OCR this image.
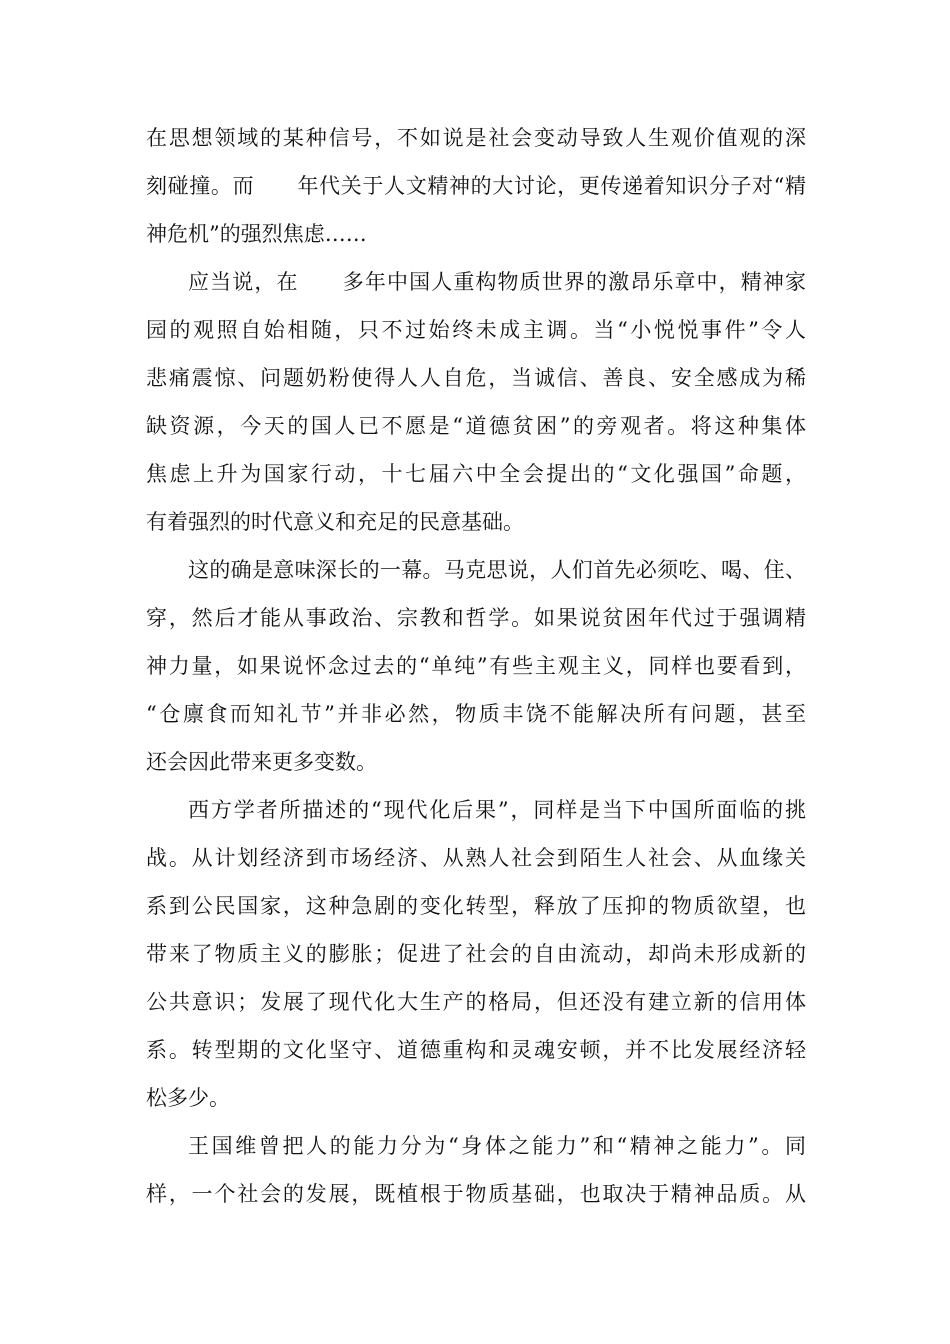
在思想领域的某种信号，不如说是社会变动导致人生观价值观的深
刻碰撞。而　　年代关于人文精神的大讨论，更传递着知识分子对“精
神危机”的强烈焦虑……
应当说，在　　多年中国人重构物质世界的激昂乐章中，精神家
园的观照自始相随，只不过始终未成主调。当“小悦悦事件”令人
悲痛震惊、问题奶粉使得人人自危，当诚信、善良、安全感成为稀
缺资源，今天的国人已不愿是“道德贫困”的旁观者。将这种集体
焦虑上升为国家行动，十七届六中全会提出的“文化强国”命题，
有着强烈的时代意义和充足的民意基础。
这的确是意味深长的一幕。马克思说，人们首先必须吃、喝、住、
穿，然后才能从事政治、宗教和哲学。如果说贫困年代过于强调精
神力量，如果说怀念过去的“单纯”有些主观主义，同样也要看到，
“仓廪食而知礼节”并非必然，物质丰饶不能解决所有问题，甚至
还会因此带来更多变数。
西方学者所描述的“现代化后果”，同样是当下中国所面临的挑
战。从计划经济到市场经济、从熟人社会到陌生人社会、从血缘关
系到公民国家，这种急剧的变化转型，释放了压抑的物质欲望，也
带来了物质主义的膨胀；促进了社会的自由流动，却尚未形成新的
公共意识；发展了现代化大生产的格局，但还没有建立新的信用体
系。转型期的文化坚守、道德重构和灵魂安顿，并不比发展经济轻
松多少。
王国维曾把人的能力分为“身体之能力”和“精神之能力”。同
样，一个社会的发展，既植根于物质基础，也取决于精神品质。从
